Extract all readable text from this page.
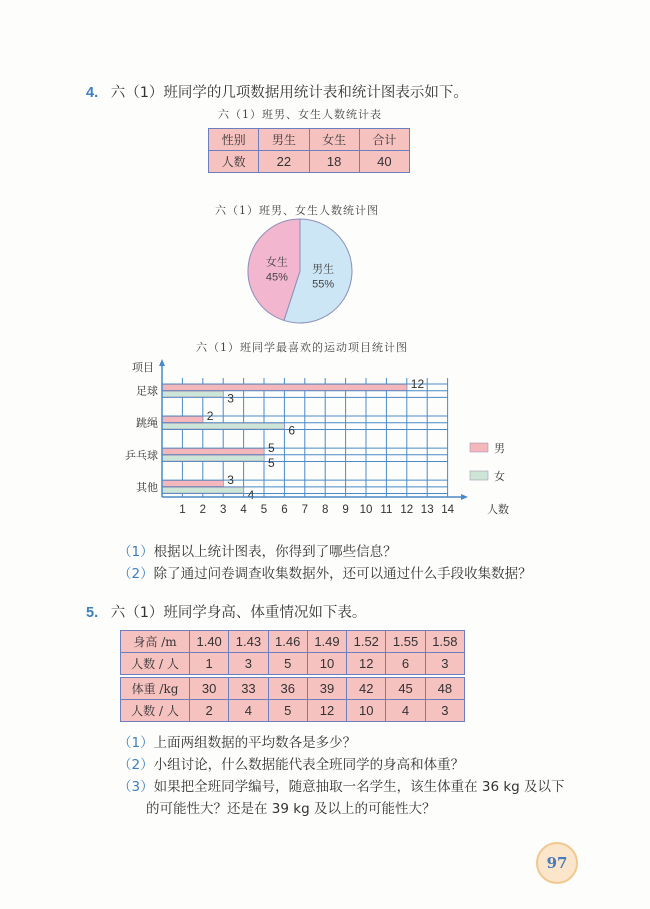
4. 六（1）班同学的几项数据用统计表和统计图表示如下。
六（1）班男、女生人数统计表
性别	男生	女生	合计
人数	22	18	40
六（1）班男、女生人数统计图
男生
55%
女生
45%
六（1）班同学最喜欢的运动项目统计图
12
3
足球
2
6
跳绳
5
5
乒乓球
3
4
其他
1 2 3 4 5 6 7 8 9 10 11 12 13 14
项目
人数
男
女
（1）根据以上统计图表，你得到了哪些信息？
（2）除了通过问卷调查收集数据外，还可以通过什么手段收集数据？
5. 六（1）班同学身高、体重情况如下表。
身高 /m	1.40	1.43	1.46	1.49	1.52	1.55	1.58
人数 / 人	1	3	5	10	12	6	3
体重 /kg	30	33	36	39	42	45	48
人数 / 人	2	4	5	12	10	4	3
（1）上面两组数据的平均数各是多少？
（2）小组讨论，什么数据能代表全班同学的身高和体重？
（3）如果把全班同学编号，随意抽取一名学生，该生体重在 36 kg 及以下
的可能性大？还是在 39 kg 及以上的可能性大？
97
